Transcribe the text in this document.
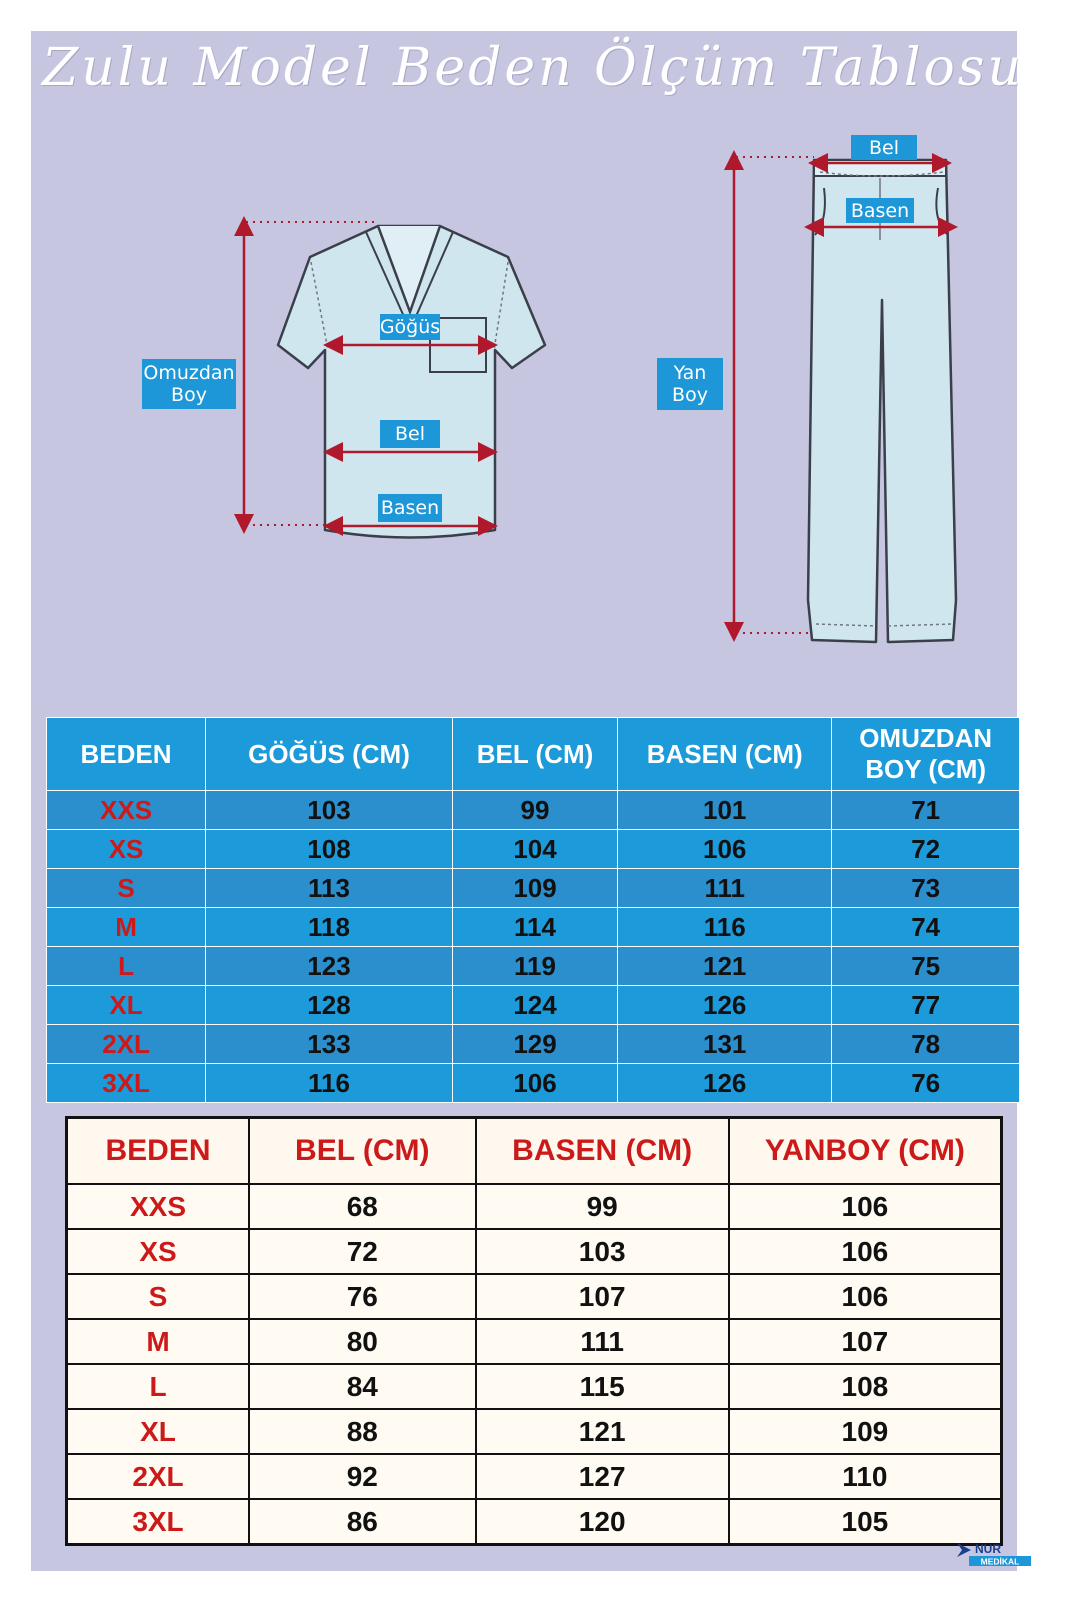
Zulu Model Beden Ölçüm Tablosu
Omuzdan Boy
Göğüs
Bel
Basen
Bel
Basen
Yan Boy
BEDEN	GÖĞÜS (CM)	BEL (CM)	BASEN (CM)	OMUZDAN BOY (CM)
XXS	103	99	101	71
XS	108	104	106	72
S	113	109	111	73
M	118	114	116	74
L	123	119	121	75
XL	128	124	126	77
2XL	133	129	131	78
3XL	116	106	126	76
BEDEN	BEL (CM)	BASEN (CM)	YANBOY (CM)
XXS	68	99	106
XS	72	103	106
S	76	107	106
M	80	111	107
L	84	115	108
XL	88	121	109
2XL	92	127	110
3XL	86	120	105
NUR
MEDİKAL
